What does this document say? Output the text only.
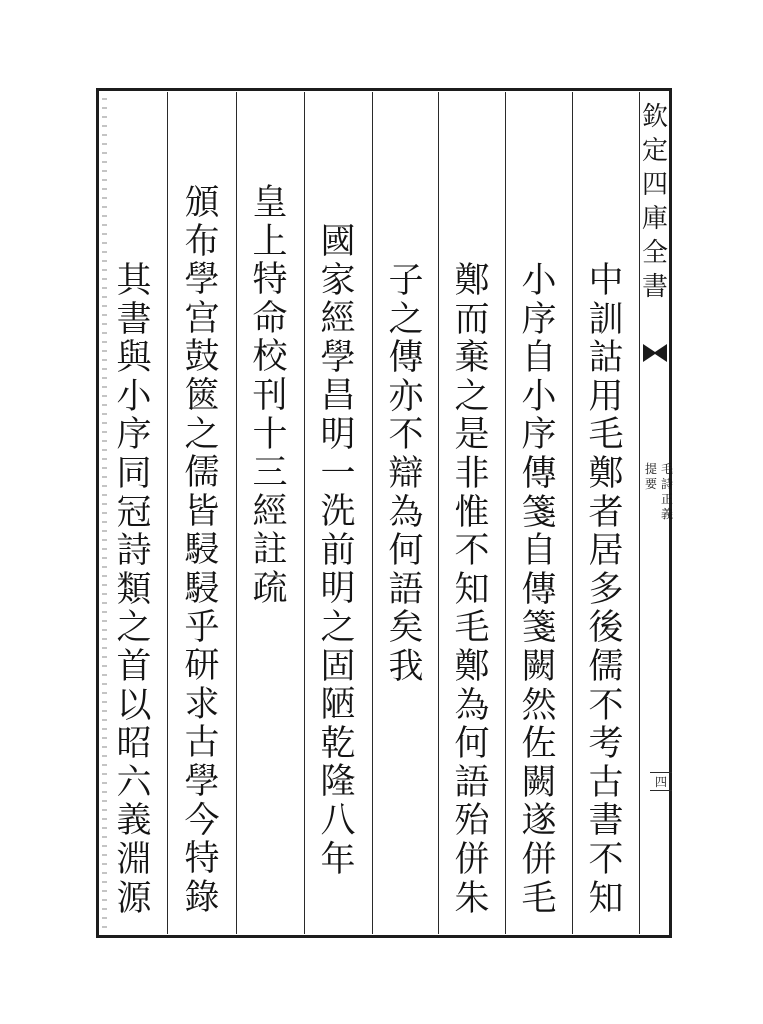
欽
定
四
庫
全
書
毛
詩
正
義
提
要
四
中
訓
詁
用
毛
鄭
者
居
多
後
儒
不
考
古
書
不
知
小
序
自
小
序
傳
箋
自
傳
箋
闕
然
佐
闕
遂
併
毛
鄭
而
棄
之
是
非
惟
不
知
毛
鄭
為
何
語
殆
併
朱
子
之
傳
亦
不
辯
為
何
語
矣
我
國
家
經
學
昌
明
一
洗
前
明
之
固
陋
乾
隆
八
年
皇
上
特
命
校
刊
十
三
經
註
疏
頒
布
學
宫
鼓
篋
之
儒
皆
駸
駸
乎
研
求
古
學
今
特
錄
其
書
與
小
序
同
冠
詩
類
之
首
以
昭
六
義
淵
源
